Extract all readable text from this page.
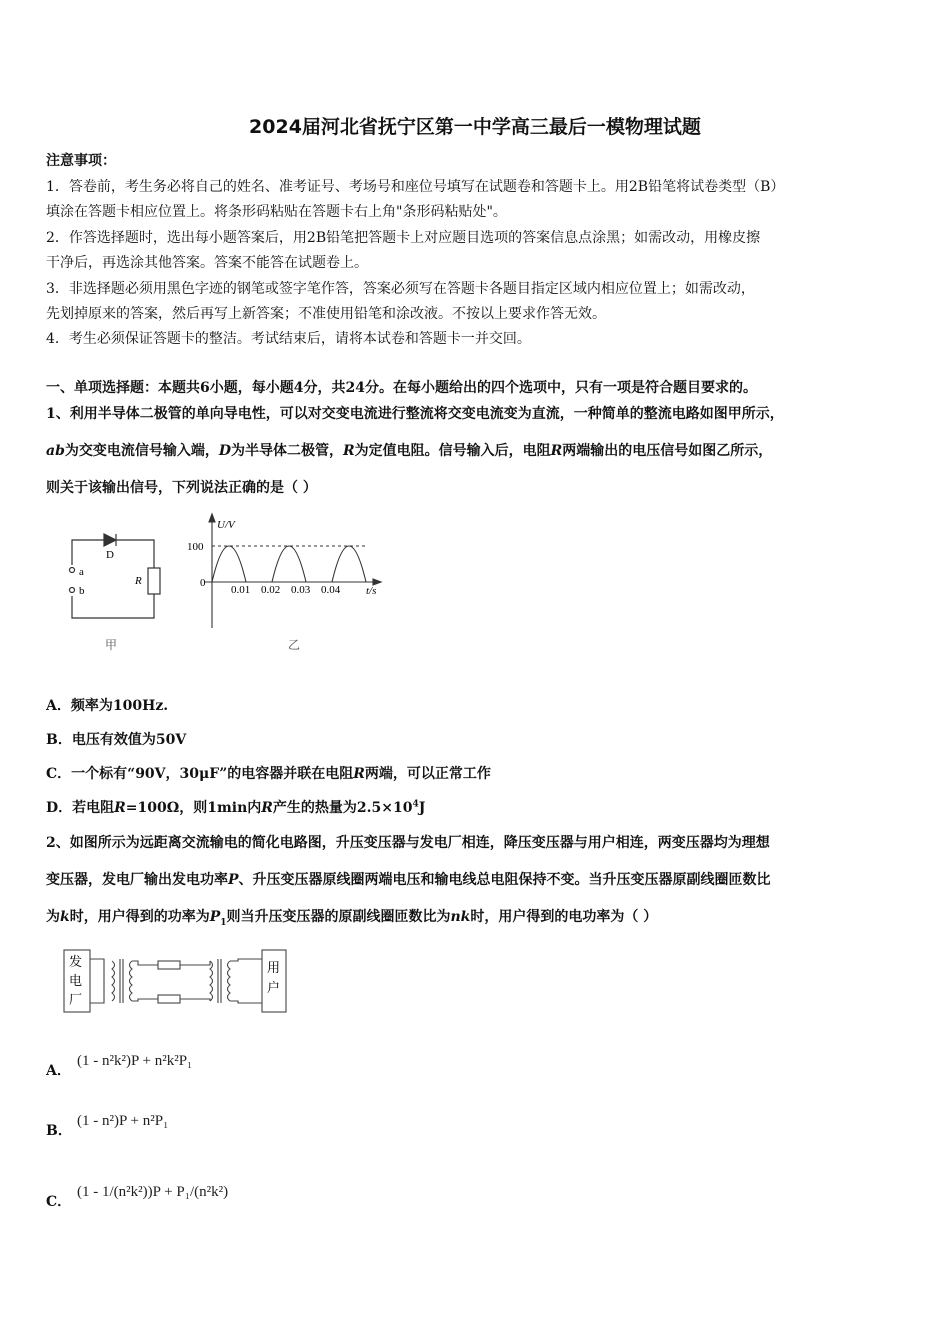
2024届河北省抚宁区第一中学高三最后一模物理试题
注意事项：
1．答卷前，考生务必将自己的姓名、准考证号、考场号和座位号填写在试题卷和答题卡上。用2B铅笔将试卷类型（B）
填涂在答题卡相应位置上。将条形码粘贴在答题卡右上角"条形码粘贴处"。
2．作答选择题时，选出每小题答案后，用2B铅笔把答题卡上对应题目选项的答案信息点涂黑；如需改动，用橡皮擦
干净后，再选涂其他答案。答案不能答在试题卷上。
3．非选择题必须用黑色字迹的钢笔或签字笔作答，答案必须写在答题卡各题目指定区域内相应位置上；如需改动，
先划掉原来的答案，然后再写上新答案；不准使用铅笔和涂改液。不按以上要求作答无效。
4．考生必须保证答题卡的整洁。考试结束后，请将本试卷和答题卡一并交回。
一、单项选择题：本题共6小题，每小题4分，共24分。在每小题给出的四个选项中，只有一项是符合题目要求的。
1、利用半导体二极管的单向导电性，可以对交变电流进行整流将交变电流变为直流，一种简单的整流电路如图甲所示，
ab为交变电流信号输入端，D为半导体二极管，R为定值电阻。信号输入后，电阻R两端输出的电压信号如图乙所示，
则关于该输出信号，下列说法正确的是（ ）
D
a
b
R
甲
U/V
100
0
0.01 0.02 0.03 0.04 t/s
乙
A．频率为100Hz.
B．电压有效值为50V
C．一个标有“90V，30μF”的电容器并联在电阻R两端，可以正常工作
D．若电阻R=100Ω，则1min内R产生的热量为$2.5\times 10^4J$
2、如图所示为远距离交流输电的简化电路图，升压变压器与发电厂相连，降压变压器与用户相连，两变压器均为理想
变压器，发电厂输出发电功率P、升压变压器原线圈两端电压和输电线总电阻保持不变。当升压变压器原副线圈匝数比
为k时，用户得到的功率为$P_1$则当升压变压器的原副线圈匝数比为nk时，用户得到的电功率为（ ）
发
电
厂
用
户
A．
(1 - n²k²)P + n²k²P₁
B．
(1 - n²)P + n²P₁
C．
(1 - 1/(n²k²))P + P₁/(n²k²)
